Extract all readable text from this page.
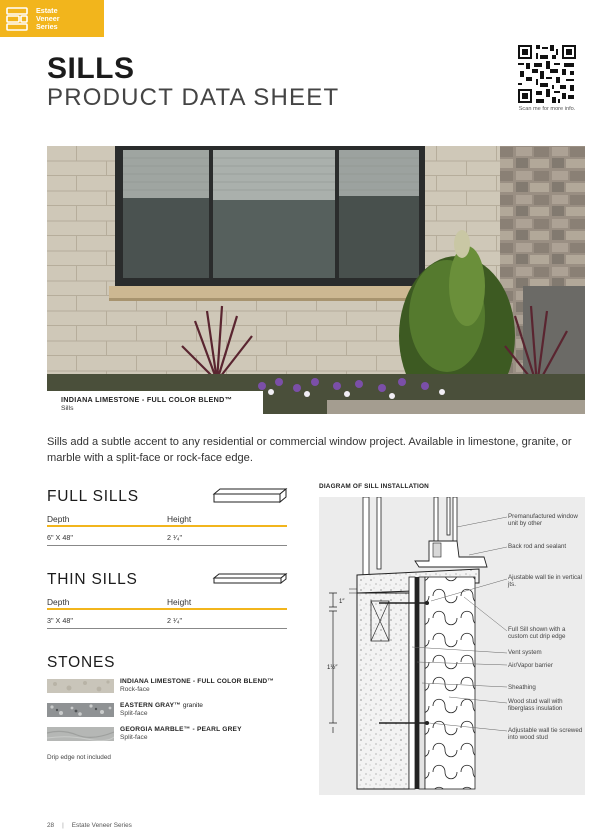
Estate
Veneer
Series
SILLS
PRODUCT DATA SHEET	Scan me for more info.
INDIANA LIMESTONE - FULL COLOR BLEND™
Sills

Sills add a subtle accent to any residential or commercial window project. Available in limestone, granite, or marble with a split-face or rock-face edge.

FULL SILLS
Depth	Height
6" X 48"	2 ¹⁄₄"
THIN SILLS
Depth	Height
3" X 48"	2 ¹⁄₄"
STONES
INDIANA LIMESTONE - FULL COLOR BLEND™
Rock-face
EASTERN GRAY™ granite
Split-face
GEORGIA MARBLE™ - PEARL GREY
Split-face
Drip edge not included
DIAGRAM OF SILL INSTALLATION
1″
1½″
Premanufactured window unit by other
Back rod and sealant
Ajustable wall tie in vertical jts.
Full Sill shown with a custom cut drip edge
Vent system
Air/Vapor barrier
Sheathing
Wood stud wall with fiberglass insulation
Adjustable wall tie screwed into wood stud
28 | Estate Veneer Series
